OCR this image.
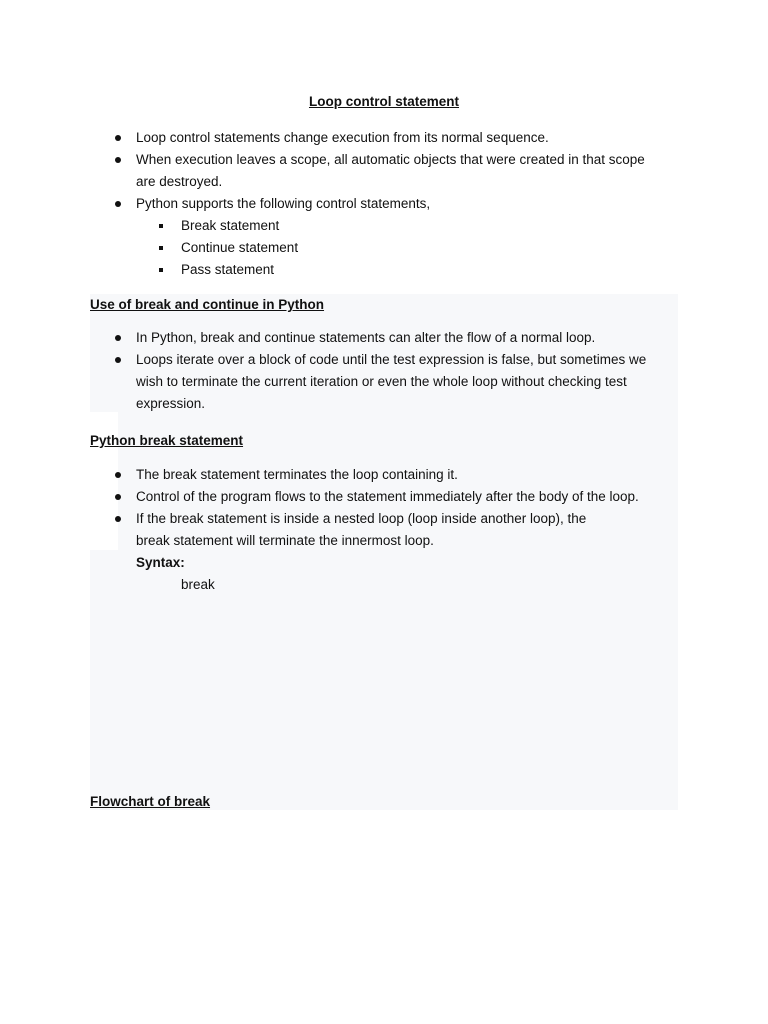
Loop control statement
Loop control statements change execution from its normal sequence.
When execution leaves a scope, all automatic objects that were created in that scope
are destroyed.
Python supports the following control statements,
Break statement
Continue statement
Pass statement
Use of break and continue in Python
In Python, break and continue statements can alter the flow of a normal loop.
Loops iterate over a block of code until the test expression is false, but sometimes we
wish to terminate the current iteration or even the whole loop without checking test
expression.
Python break statement
The break statement terminates the loop containing it.
Control of the program flows to the statement immediately after the body of the loop.
If the break statement is inside a nested loop (loop inside another loop), the
break statement will terminate the innermost loop.
Syntax:
break
Flowchart of break
